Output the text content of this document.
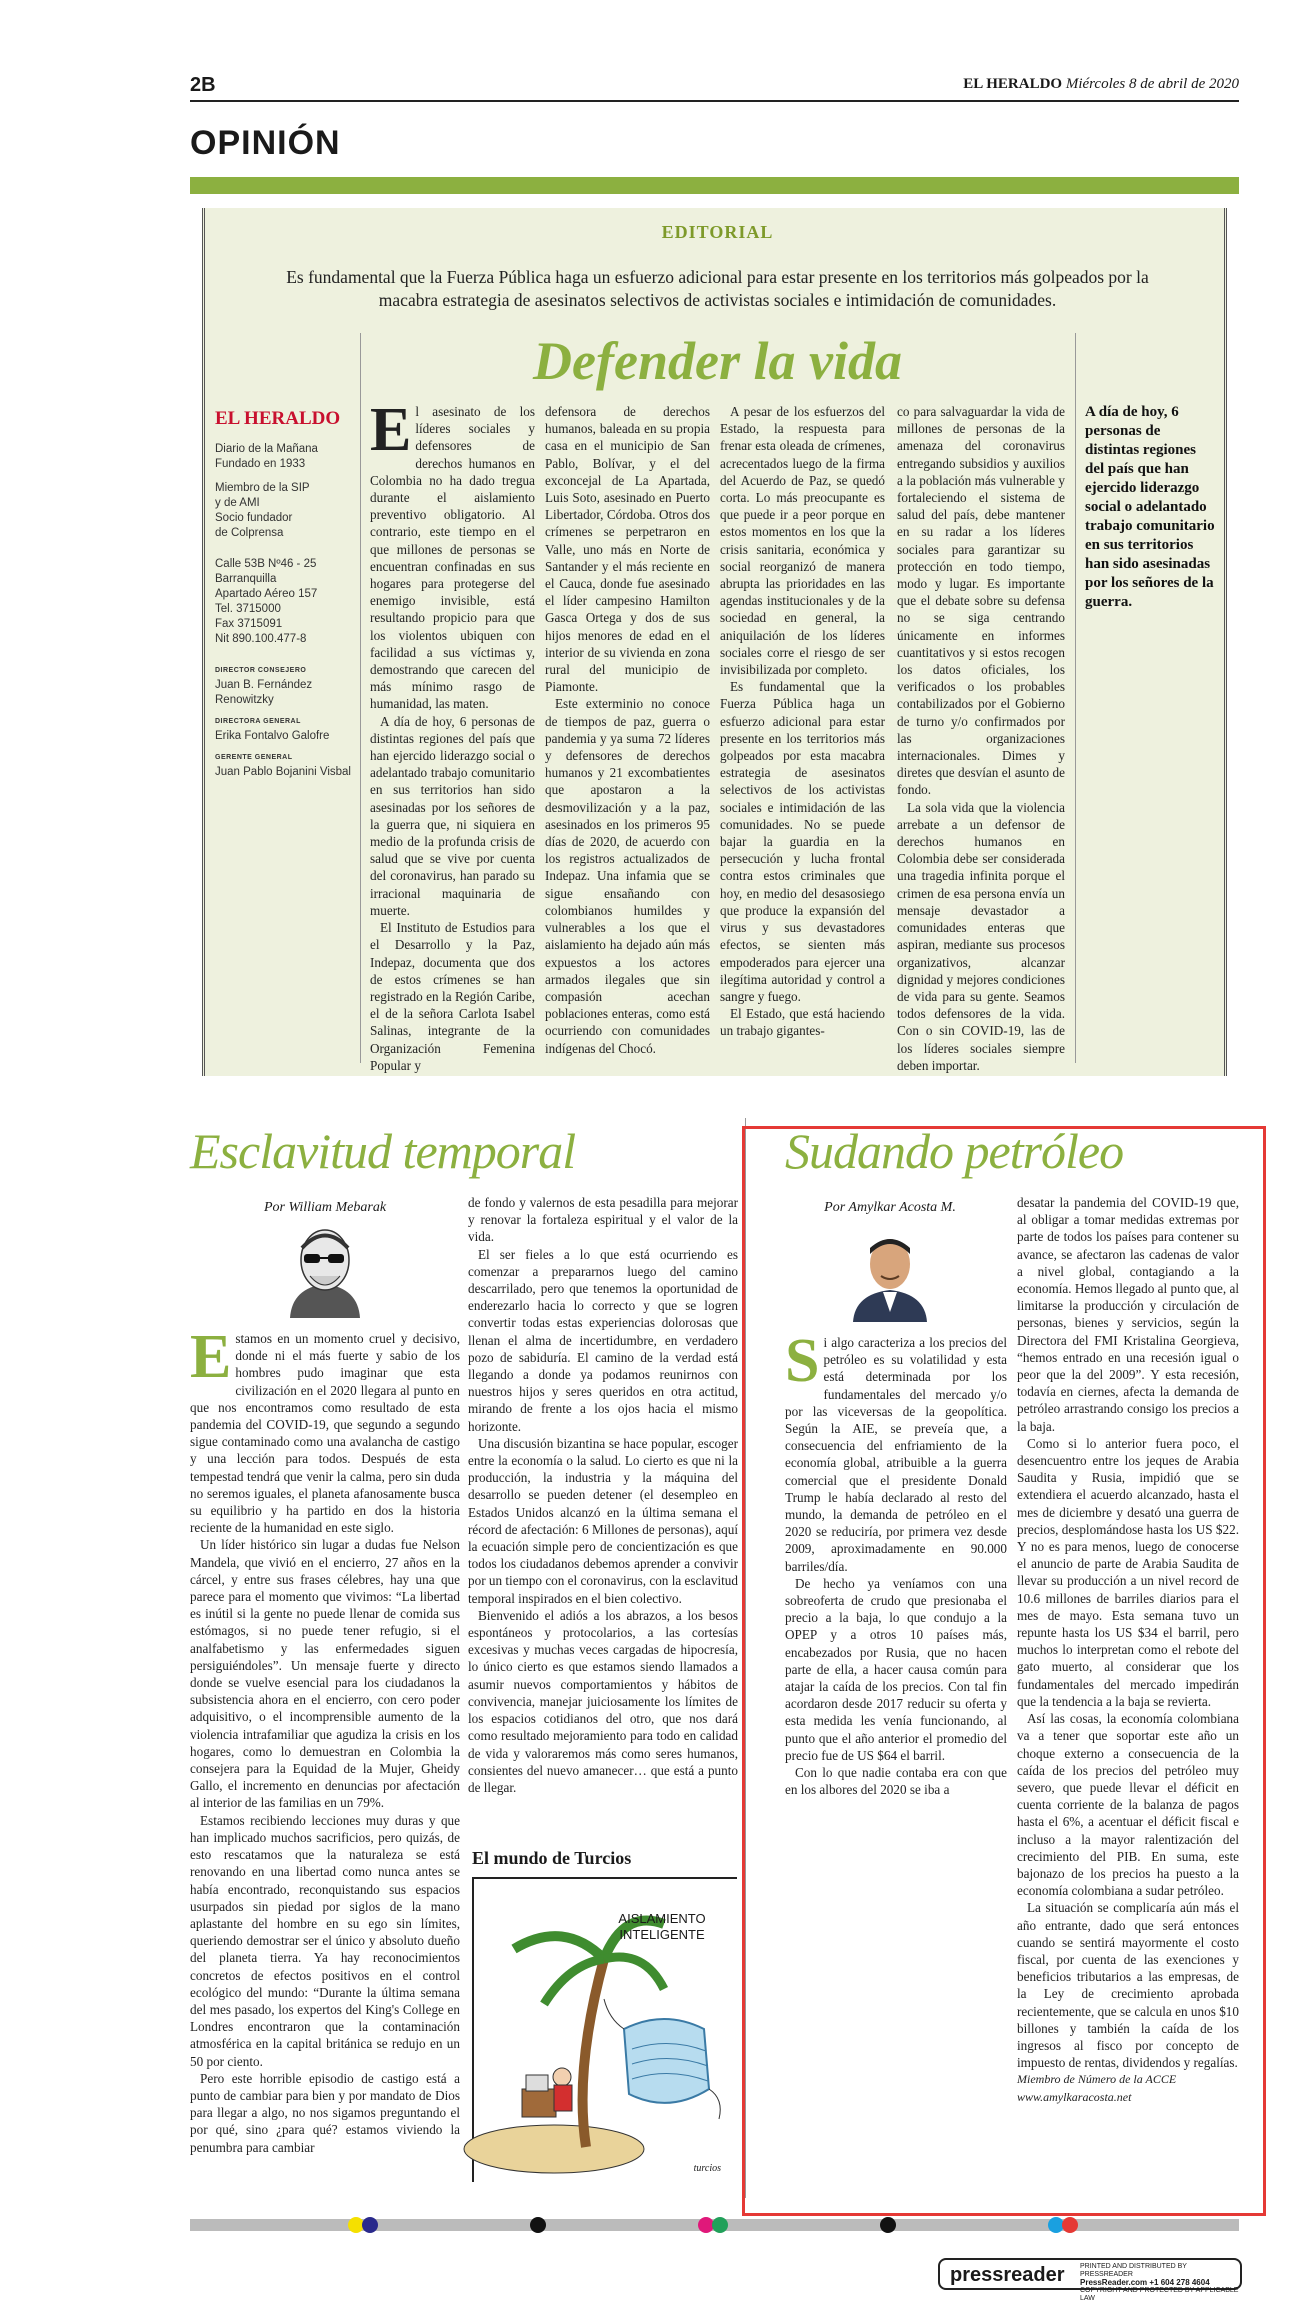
2B	EL HERALDO Miércoles 8 de abril de 2020
OPINIÓN
EDITORIAL
Es fundamental que la Fuerza Pública haga un esfuerzo adicional para estar presente en los territorios más golpeados por la macabra estrategia de asesinatos selectivos de activistas sociales e intimidación de comunidades.
Defender la vida
EL HERALDO

Diario de la Mañana
Fundado en 1933

Miembro de la SIP
y de AMI
Socio fundador
de Colprensa

Calle 53B Nº46 - 25
Barranquilla
Apartado Aéreo 157
Tel. 3715000
Fax 3715091
Nit 890.100.477-8

DIRECTOR CONSEJERO
Juan B. Fernández Renowitzky
DIRECTORA GENERAL
Erika Fontalvo Galofre
GERENTE GENERAL
Juan Pablo Bojanini Visbal

El asesinato de los líderes sociales y defensores de derechos humanos en Colombia no ha dado tregua durante el aislamiento preventivo obligatorio. Al contrario, este tiempo en el que millones de personas se encuentran confinadas en sus hogares para protegerse del enemigo invisible, está resultando propicio para que los violentos ubiquen con facilidad a sus víctimas y, demostrando que carecen del más mínimo rasgo de humanidad, las maten.

A día de hoy, 6 personas de distintas regiones del país que han ejercido liderazgo social o adelantado trabajo comunitario en sus territorios han sido asesinadas por los señores de la guerra que, ni siquiera en medio de la profunda crisis de salud que se vive por cuenta del coronavirus, han parado su irracional maquinaria de muerte.

El Instituto de Estudios para el Desarrollo y la Paz, Indepaz, documenta que dos de estos crímenes se han registrado en la Región Caribe, el de la señora Carlota Isabel Salinas, integrante de la Organización Femenina Popular y

defensora de derechos humanos, baleada en su propia casa en el municipio de San Pablo, Bolívar, y el del exconcejal de La Apartada, Luis Soto, asesinado en Puerto Libertador, Córdoba. Otros dos crímenes se perpetraron en Valle, uno más en Norte de Santander y el más reciente en el Cauca, donde fue asesinado el líder campesino Hamilton Gasca Ortega y dos de sus hijos menores de edad en el interior de su vivienda en zona rural del municipio de Piamonte.

Este exterminio no conoce de tiempos de paz, guerra o pandemia y ya suma 72 líderes y defensores de derechos humanos y 21 excombatientes que apostaron a la desmovilización y a la paz, asesinados en los primeros 95 días de 2020, de acuerdo con los registros actualizados de Indepaz. Una infamia que se sigue ensañando con colombianos humildes y vulnerables a los que el aislamiento ha dejado aún más expuestos a los actores armados ilegales que sin compasión acechan poblaciones enteras, como está ocurriendo con comunidades indígenas del Chocó.

A pesar de los esfuerzos del Estado, la respuesta para frenar esta oleada de crímenes, acrecentados luego de la firma del Acuerdo de Paz, se quedó corta. Lo más preocupante es que puede ir a peor porque en estos momentos en los que la crisis sanitaria, económica y social reorganizó de manera abrupta las prioridades en las agendas institucionales y de la sociedad en general, la aniquilación de los líderes sociales corre el riesgo de ser invisibilizada por completo.

Es fundamental que la Fuerza Pública haga un esfuerzo adicional para estar presente en los territorios más golpeados por esta macabra estrategia de asesinatos selectivos de los activistas sociales e intimidación de las comunidades. No se puede bajar la guardia en la persecución y lucha frontal contra estos criminales que hoy, en medio del desasosiego que produce la expansión del virus y sus devastadores efectos, se sienten más empoderados para ejercer una ilegítima autoridad y control a sangre y fuego.

El Estado, que está haciendo un trabajo gigantes-

co para salvaguardar la vida de millones de personas de la amenaza del coronavirus entregando subsidios y auxilios a la población más vulnerable y fortaleciendo el sistema de salud del país, debe mantener en su radar a los líderes sociales para garantizar su protección en todo tiempo, modo y lugar. Es importante que el debate sobre su defensa no se siga centrando únicamente en informes cuantitativos y si estos recogen los datos oficiales, los verificados o los probables contabilizados por el Gobierno de turno y/o confirmados por las organizaciones internacionales. Dimes y diretes que desvían el asunto de fondo.

La sola vida que la violencia arrebate a un defensor de derechos humanos en Colombia debe ser considerada una tragedia infinita porque el crimen de esa persona envía un mensaje devastador a comunidades enteras que aspiran, mediante sus procesos organizativos, alcanzar dignidad y mejores condiciones de vida para su gente. Seamos todos defensores de la vida. Con o sin COVID-19, las de los líderes sociales siempre deben importar.

A día de hoy, 6 personas de distintas regiones del país que han ejercido liderazgo social o adelantado trabajo comunitario en sus territorios han sido asesinadas por los señores de la guerra.
Esclavitud temporal
Por William Mebarak

Estamos en un momento cruel y decisivo, donde ni el más fuerte y sabio de los hombres pudo imaginar que esta civilización en el 2020 llegara al punto en que nos encontramos como resultado de esta pandemia del COVID-19, que segundo a segundo sigue contaminado como una avalancha de castigo y una lección para todos. Después de esta tempestad tendrá que venir la calma, pero sin duda no seremos iguales, el planeta afanosamente busca su equilibrio y ha partido en dos la historia reciente de la humanidad en este siglo.

Un líder histórico sin lugar a dudas fue Nelson Mandela, que vivió en el encierro, 27 años en la cárcel, y entre sus frases célebres, hay una que parece para el momento que vivimos: “La libertad es inútil si la gente no puede llenar de comida sus estómagos, si no puede tener refugio, si el analfabetismo y las enfermedades siguen persiguiéndoles”. Un mensaje fuerte y directo donde se vuelve esencial para los ciudadanos la subsistencia ahora en el encierro, con cero poder adquisitivo, o el incomprensible aumento de la violencia intrafamiliar que agudiza la crisis en los hogares, como lo demuestran en Colombia la consejera para la Equidad de la Mujer, Gheidy Gallo, el incremento en denuncias por afectación al interior de las familias en un 79%.

Estamos recibiendo lecciones muy duras y que han implicado muchos sacrificios, pero quizás, de esto rescatamos que la naturaleza se está renovando en una libertad como nunca antes se había encontrado, reconquistando sus espacios usurpados sin piedad por siglos de la mano aplastante del hombre en su ego sin límites, queriendo demostrar ser el único y absoluto dueño del planeta tierra. Ya hay reconocimientos concretos de efectos positivos en el control ecológico del mundo: “Durante la última semana del mes pasado, los expertos del King's College en Londres encontraron que la contaminación atmosférica en la capital británica se redujo en un 50 por ciento.

Pero este horrible episodio de castigo está a punto de cambiar para bien y por mandato de Dios para llegar a algo, no nos sigamos preguntando el por qué, sino ¿para qué? estamos viviendo la penumbra para cambiar

de fondo y valernos de esta pesadilla para mejorar y renovar la fortaleza espiritual y el valor de la vida.

El ser fieles a lo que está ocurriendo es comenzar a prepararnos luego del camino descarrilado, pero que tenemos la oportunidad de enderezarlo hacia lo correcto y que se logren convertir todas estas experiencias dolorosas que llenan el alma de incertidumbre, en verdadero pozo de sabiduría. El camino de la verdad está llegando a donde ya podamos reunirnos con nuestros hijos y seres queridos en otra actitud, mirando de frente a los ojos hacia el mismo horizonte.

Una discusión bizantina se hace popular, escoger entre la economía o la salud. Lo cierto es que ni la producción, la industria y la máquina del desarrollo se pueden detener (el desempleo en Estados Unidos alcanzó en la última semana el récord de afectación: 6 Millones de personas), aquí la ecuación simple pero de concientización es que todos los ciudadanos debemos aprender a convivir por un tiempo con el coronavirus, con la esclavitud temporal inspirados en el bien colectivo.

Bienvenido el adiós a los abrazos, a los besos espontáneos y protocolarios, a las cortesías excesivas y muchas veces cargadas de hipocresía, lo único cierto es que estamos siendo llamados a asumir nuevos comportamientos y hábitos de convivencia, manejar juiciosamente los límites de los espacios cotidianos del otro, que nos dará como resultado mejoramiento para todo en calidad de vida y valoraremos más como seres humanos, consientes del nuevo amanecer… que está a punto de llegar.

El mundo de Turcios
AISLAMIENTO INTELIGENTE
turcios
Sudando petróleo
Por Amylkar Acosta M.

Si algo caracteriza a los precios del petróleo es su volatilidad y esta está determinada por los fundamentales del mercado y/o por las viceversas de la geopolítica. Según la AIE, se preveía que, a consecuencia del enfriamiento de la economía global, atribuible a la guerra comercial que el presidente Donald Trump le había declarado al resto del mundo, la demanda de petróleo en el 2020 se reduciría, por primera vez desde 2009, aproximadamente en 90.000 barriles/día.

De hecho ya veníamos con una sobreoferta de crudo que presionaba el precio a la baja, lo que condujo a la OPEP y a otros 10 países más, encabezados por Rusia, que no hacen parte de ella, a hacer causa común para atajar la caída de los precios. Con tal fin acordaron desde 2017 reducir su oferta y esta medida les venía funcionando, al punto que el año anterior el promedio del precio fue de US $64 el barril.

Con lo que nadie contaba era con que en los albores del 2020 se iba a

desatar la pandemia del COVID-19 que, al obligar a tomar medidas extremas por parte de todos los países para contener su avance, se afectaron las cadenas de valor a nivel global, contagiando a la economía. Hemos llegado al punto que, al limitarse la producción y circulación de personas, bienes y servicios, según la Directora del FMI Kristalina Georgieva, “hemos entrado en una recesión igual o peor que la del 2009”. Y esta recesión, todavía en ciernes, afecta la demanda de petróleo arrastrando consigo los precios a la baja.

Como si lo anterior fuera poco, el desencuentro entre los jeques de Arabia Saudita y Rusia, impidió que se extendiera el acuerdo alcanzado, hasta el mes de diciembre y desató una guerra de precios, desplomándose hasta los US $22. Y no es para menos, luego de conocerse el anuncio de parte de Arabia Saudita de llevar su producción a un nivel record de 10.6 millones de barriles diarios para el mes de mayo. Esta semana tuvo un repunte hasta los US $34 el barril, pero muchos lo interpretan como el rebote del gato muerto, al considerar que los fundamentales del mercado impedirán que la tendencia a la baja se revierta.

Así las cosas, la economía colombiana va a tener que soportar este año un choque externo a consecuencia de la caída de los precios del petróleo muy severo, que puede llevar el déficit en cuenta corriente de la balanza de pagos hasta el 6%, a acentuar el déficit fiscal e incluso a la mayor ralentización del crecimiento del PIB. En suma, este bajonazo de los precios ha puesto a la economía colombiana a sudar petróleo.

La situación se complicaría aún más el año entrante, dado que será entonces cuando se sentirá mayormente el costo fiscal, por cuenta de las exenciones y beneficios tributarios a las empresas, de la Ley de crecimiento aprobada recientemente, que se calcula en unos $10 billones y también la caída de los ingresos al fisco por concepto de impuesto de rentas, dividendos y regalías.

Miembro de Número de la ACCE

www.amylkaracosta.net

pressreader PRINTED AND DISTRIBUTED BY PRESSREADER
PressReader.com +1 604 278 4604
COPYRIGHT AND PROTECTED BY APPLICABLE LAW
